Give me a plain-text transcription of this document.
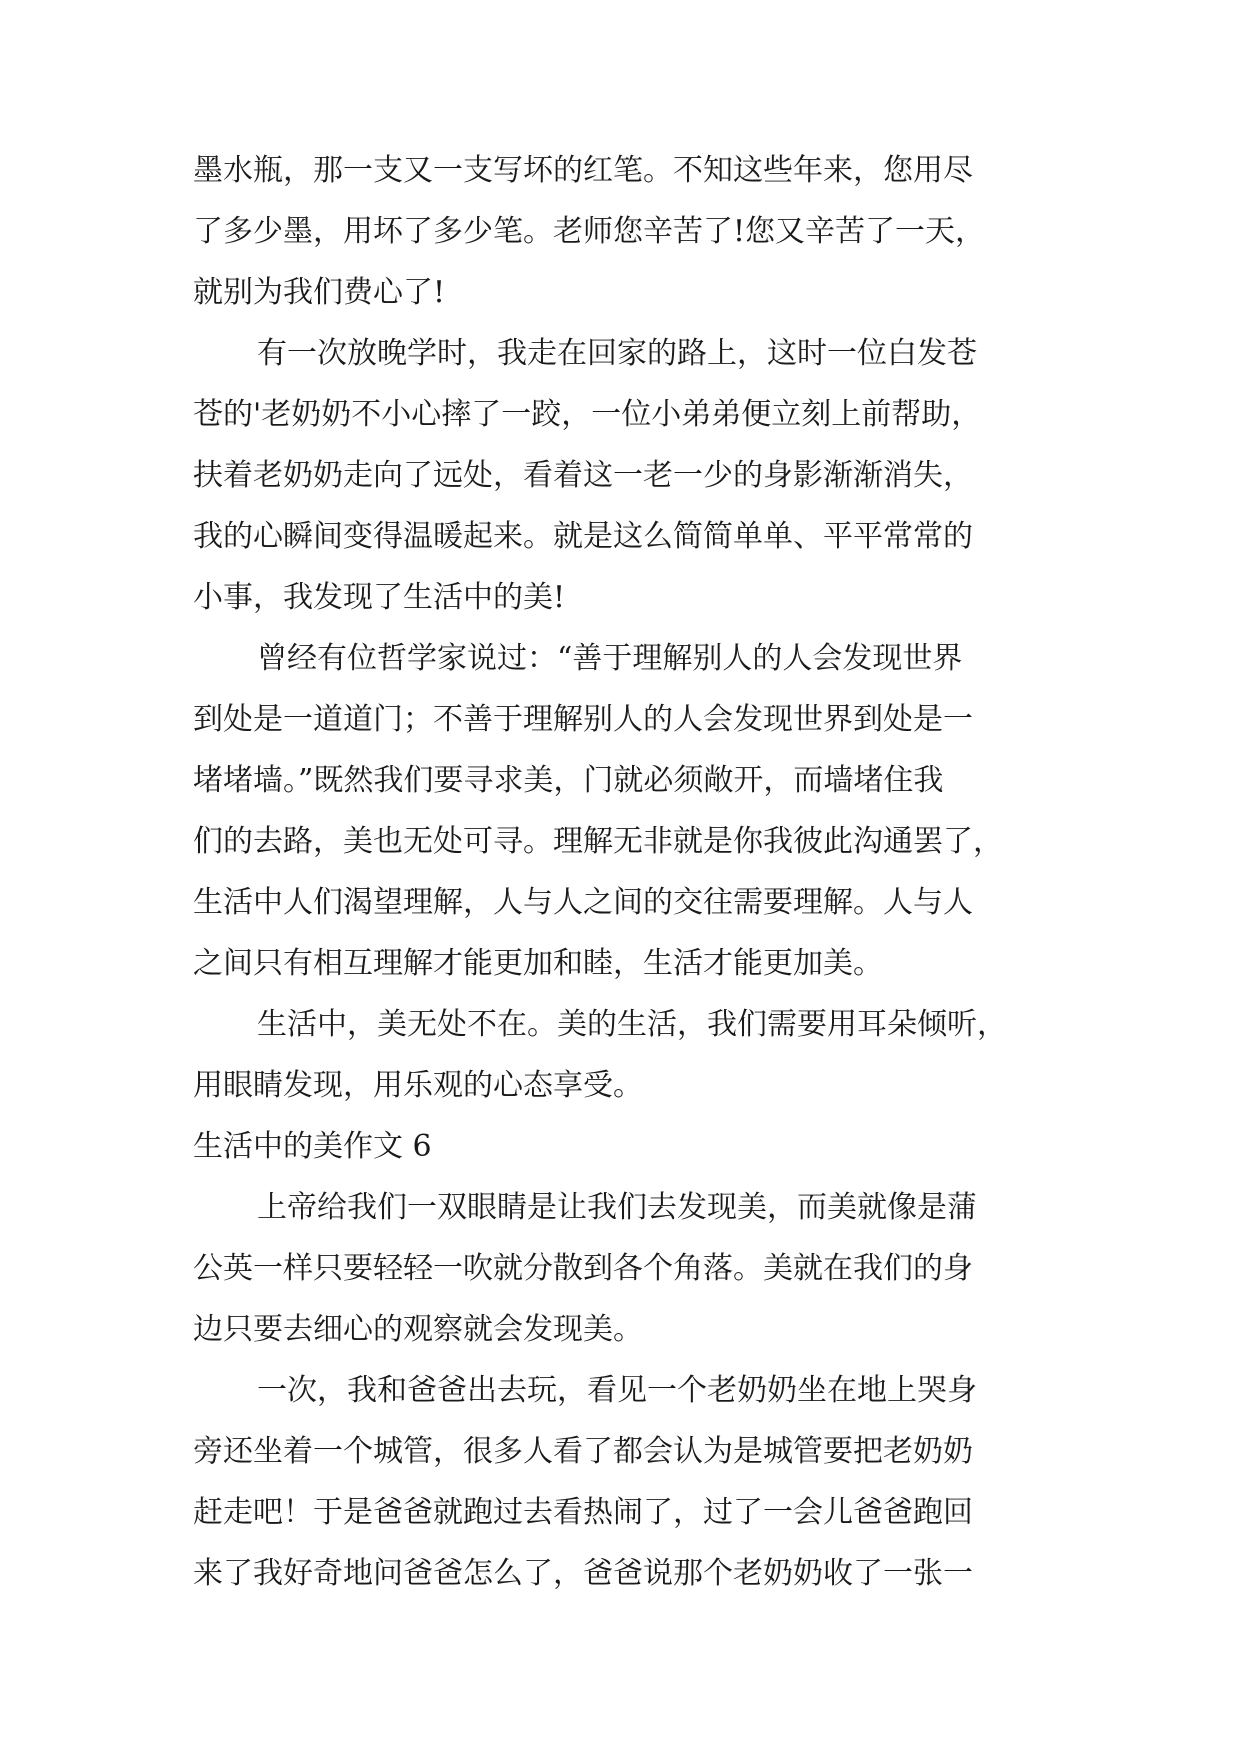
墨水瓶，那一支又一支写坏的红笔。不知这些年来，您用尽
了多少墨，用坏了多少笔。老师您辛苦了!您又辛苦了一天，
就别为我们费心了!
有一次放晚学时，我走在回家的路上，这时一位白发苍
苍的'老奶奶不小心摔了一跤，一位小弟弟便立刻上前帮助，
扶着老奶奶走向了远处，看着这一老一少的身影渐渐消失，
我的心瞬间变得温暖起来。就是这么简简单单、平平常常的
小事，我发现了生活中的美!
曾经有位哲学家说过：“善于理解别人的人会发现世界
到处是一道道门；不善于理解别人的人会发现世界到处是一
堵堵墙。”既然我们要寻求美，门就必须敞开，而墙堵住我
们的去路，美也无处可寻。理解无非就是你我彼此沟通罢了，
生活中人们渴望理解，人与人之间的交往需要理解。人与人
之间只有相互理解才能更加和睦，生活才能更加美。
生活中，美无处不在。美的生活，我们需要用耳朵倾听，
用眼睛发现，用乐观的心态享受。
生活中的美作文 6
上帝给我们一双眼睛是让我们去发现美，而美就像是蒲
公英一样只要轻轻一吹就分散到各个角落。美就在我们的身
边只要去细心的观察就会发现美。
一次，我和爸爸出去玩，看见一个老奶奶坐在地上哭身
旁还坐着一个城管，很多人看了都会认为是城管要把老奶奶
赶走吧！于是爸爸就跑过去看热闹了，过了一会儿爸爸跑回
来了我好奇地问爸爸怎么了，爸爸说那个老奶奶收了一张一
